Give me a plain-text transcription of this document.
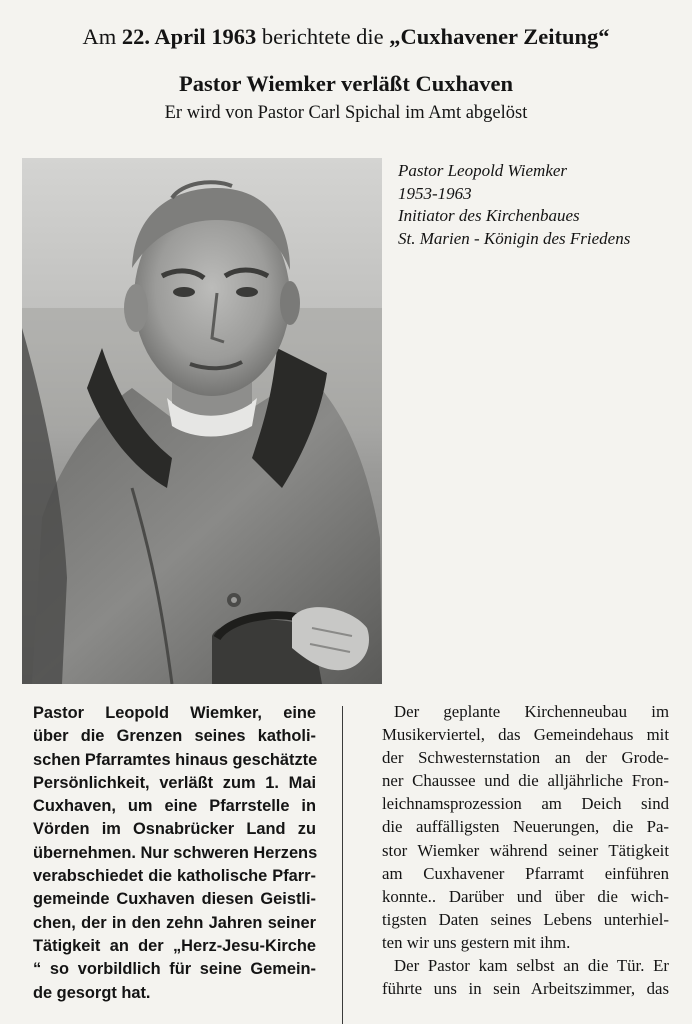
Am 22. April 1963 berichtete die „Cuxhavener Zeitung“
Pastor Wiemker verläßt Cuxhaven
Er wird von Pastor Carl Spichal im Amt abgelöst
Pastor Leopold Wiemker
1953-1963
Initiator des Kirchenbaues
St. Marien - Königin des Friedens
Pastor Leopold Wiemker, eine
über die Grenzen seines katholi-
schen Pfarramtes hinaus geschätzte
Persönlichkeit, verläßt zum 1. Mai
Cuxhaven, um eine Pfarrstelle in
Vörden im Osnabrücker Land zu
übernehmen. Nur schweren Herzens
verabschiedet die katholische Pfarr-
gemeinde Cuxhaven diesen Geistli-
chen, der in den zehn Jahren seiner
Tätigkeit an der „Herz-Jesu-Kirche
“ so vorbildlich für seine Gemein-
de gesorgt hat.
Der geplante Kirchenneubau im
Musikerviertel, das Gemeindehaus mit
der Schwesternstation an der Grode-
ner Chaussee und die alljährliche Fron-
leichnamsprozession am Deich sind
die auffälligsten Neuerungen, die Pa-
stor Wiemker während seiner Tätigkeit
am Cuxhavener Pfarramt einführen
konnte.. Darüber und über die wich-
tigsten Daten seines Lebens unterhiel-
ten wir uns gestern mit ihm.
Der Pastor kam selbst an die Tür. Er
führte uns in sein Arbeitszimmer, das
